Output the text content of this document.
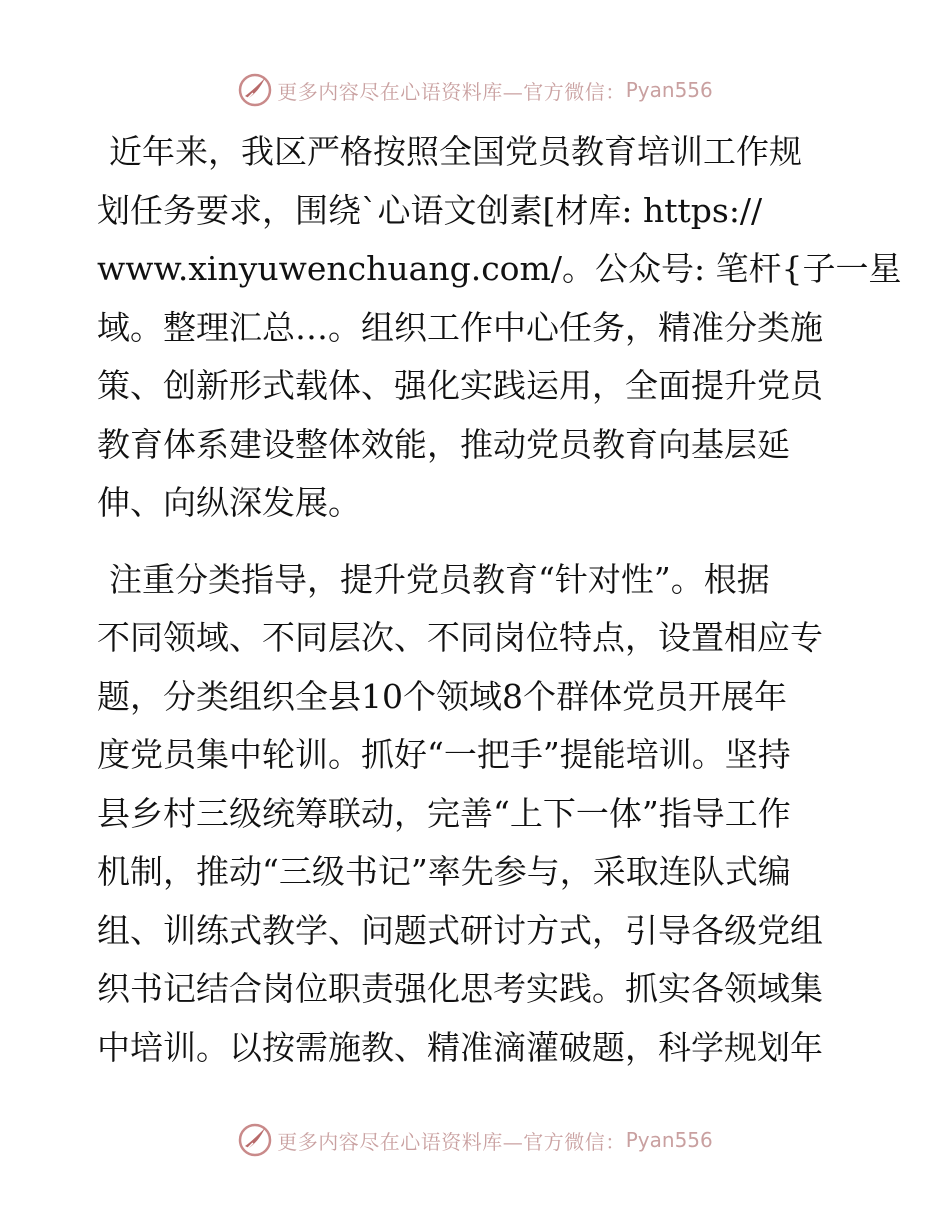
更多内容尽在心语资料库—官方微信： Pyan556

近年来，我区严格按照全国党员教育培训工作规
划任务要求，围绕`心语文创素[材库: https://
www.xinyuwenchuang.com/。公众号: 笔杆{子一星
域。整理汇总…。组织工作中心任务，精准分类施
策、创新形式载体、强化实践运用，全面提升党员
教育体系建设整体效能，推动党员教育向基层延
伸、向纵深发展。

注重分类指导，提升党员教育“针对性”。根据
不同领域、不同层次、不同岗位特点，设置相应专
题，分类组织全县10个领域8个群体党员开展年
度党员集中轮训。抓好“一把手”提能培训。坚持
县乡村三级统筹联动，完善“上下一体”指导工作
机制，推动“三级书记”率先参与，采取连队式编
组、训练式教学、问题式研讨方式，引导各级党组
织书记结合岗位职责强化思考实践。抓实各领域集
中培训。以按需施教、精准滴灌破题，科学规划年

更多内容尽在心语资料库—官方微信： Pyan556
